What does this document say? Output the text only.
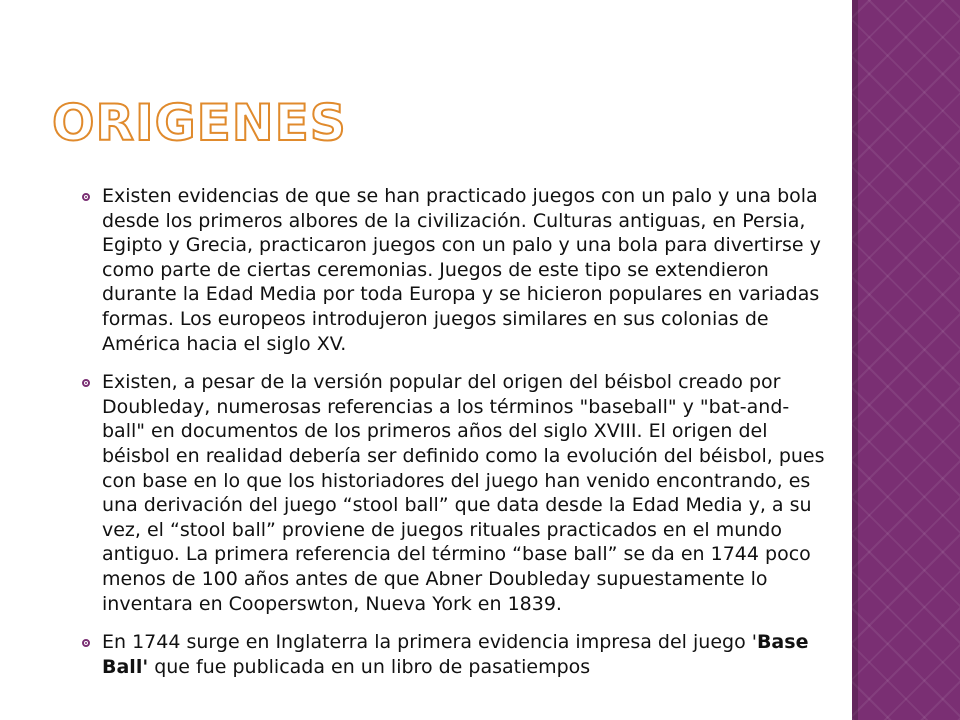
ORIGENES
Existen evidencias de que se han practicado juegos con un palo y una bola desde los primeros albores de la civilización. Culturas antiguas, en Persia, Egipto y Grecia, practicaron juegos con un palo y una bola para divertirse y como parte de ciertas ceremonias. Juegos de este tipo se extendieron durante la Edad Media por toda Europa y se hicieron populares en variadas formas. Los europeos introdujeron juegos similares en sus colonias de América hacia el siglo XV.
Existen, a pesar de la versión popular del origen del béisbol creado por Doubleday, numerosas referencias a los términos "baseball" y "bat-and-ball" en documentos de los primeros años del siglo XVIII. El origen del béisbol en realidad debería ser definido como la evolución del béisbol, pues con base en lo que los historiadores del juego han venido encontrando, es una derivación del juego “stool ball” que data desde la Edad Media y, a su vez, el “stool ball” proviene de juegos rituales practicados en el mundo antiguo. La primera referencia del término “base ball” se da en 1744 poco menos de 100 años antes de que Abner Doubleday supuestamente lo inventara en Cooperswton, Nueva York en 1839.
En 1744 surge en Inglaterra la primera evidencia impresa del juego 'Base Ball' que fue publicada en un libro de pasatiempos
